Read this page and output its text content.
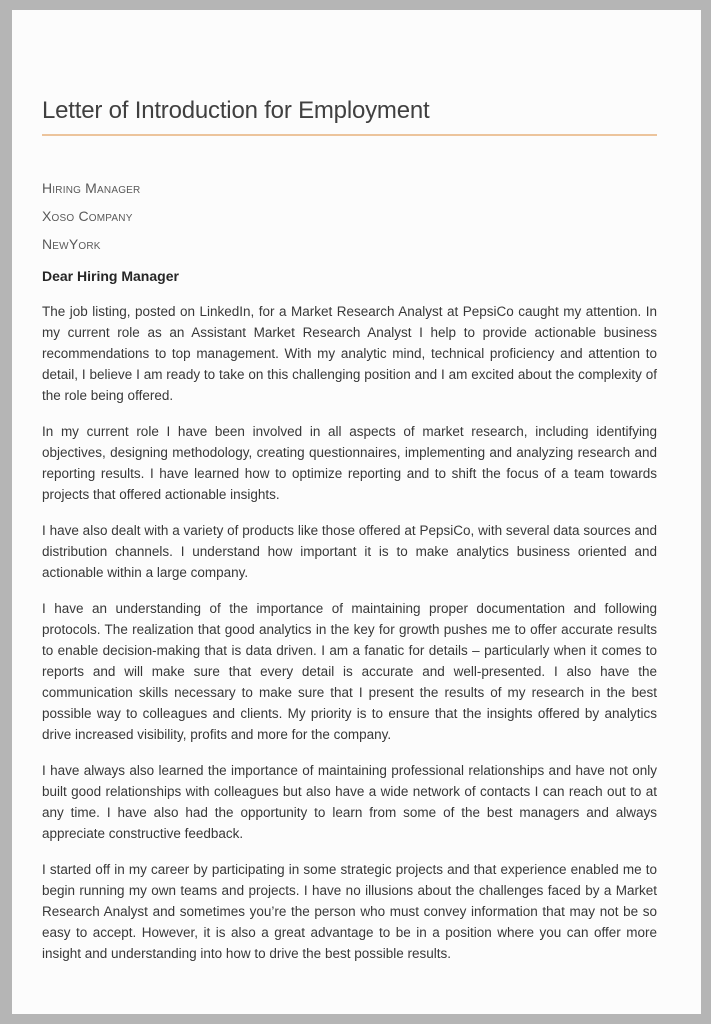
Letter of Introduction for Employment
Hiring Manager
Xoso Company
NewYork
Dear Hiring Manager

The job listing, posted on LinkedIn, for a Market Research Analyst at PepsiCo caught my attention. In my current role as an Assistant Market Research Analyst I help to provide actionable business recommendations to top management. With my analytic mind, technical proficiency and attention to detail, I believe I am ready to take on this challenging position and I am excited about the complexity of the role being offered.

In my current role I have been involved in all aspects of market research, including identifying objectives, designing methodology, creating questionnaires, implementing and analyzing research and reporting results. I have learned how to optimize reporting and to shift the focus of a team towards projects that offered actionable insights.

I have also dealt with a variety of products like those offered at PepsiCo, with several data sources and distribution channels. I understand how important it is to make analytics business oriented and actionable within a large company.

I have an understanding of the importance of maintaining proper documentation and following protocols. The realization that good analytics in the key for growth pushes me to offer accurate results to enable decision-making that is data driven. I am a fanatic for details – particularly when it comes to reports and will make sure that every detail is accurate and well-presented. I also have the communication skills necessary to make sure that I present the results of my research in the best possible way to colleagues and clients. My priority is to ensure that the insights offered by analytics drive increased visibility, profits and more for the company.

I have always also learned the importance of maintaining professional relationships and have not only built good relationships with colleagues but also have a wide network of contacts I can reach out to at any time. I have also had the opportunity to learn from some of the best managers and always appreciate constructive feedback.

I started off in my career by participating in some strategic projects and that experience enabled me to begin running my own teams and projects. I have no illusions about the challenges faced by a Market Research Analyst and sometimes you’re the person who must convey information that may not be so easy to accept. However, it is also a great advantage to be in a position where you can offer more insight and understanding into how to drive the best possible results.
